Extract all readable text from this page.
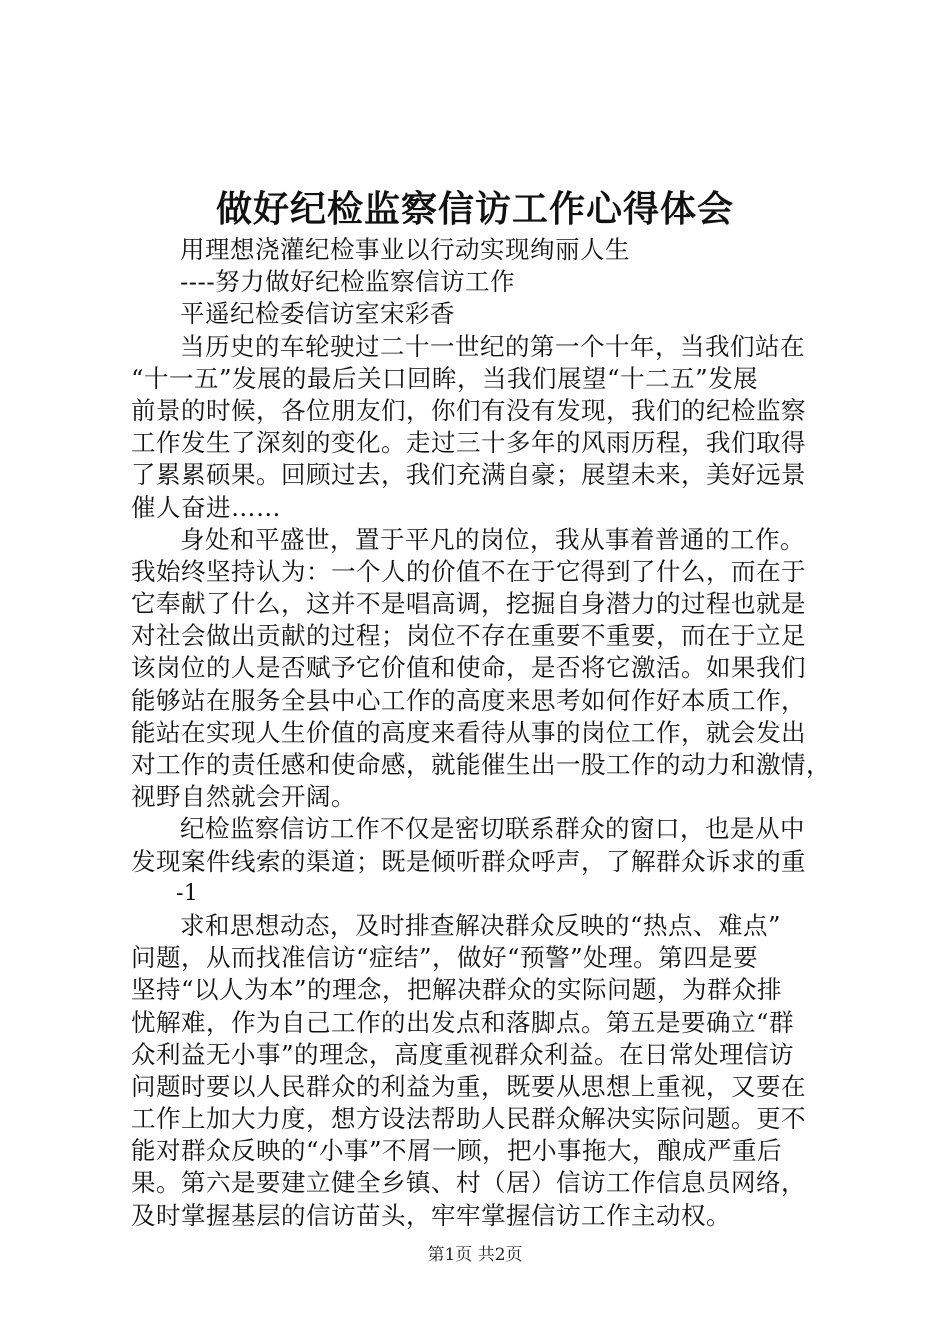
做好纪检监察信访工作心得体会
用理想浇灌纪检事业以行动实现绚丽人生
----努力做好纪检监察信访工作
平遥纪检委信访室宋彩香
当历史的车轮驶过二十一世纪的第一个十年，当我们站在
“十一五”发展的最后关口回眸，当我们展望“十二五”发展
前景的时候，各位朋友们，你们有没有发现，我们的纪检监察
工作发生了深刻的变化。走过三十多年的风雨历程，我们取得
了累累硕果。回顾过去，我们充满自豪；展望未来，美好远景
催人奋进……
身处和平盛世，置于平凡的岗位，我从事着普通的工作。
我始终坚持认为：一个人的价值不在于它得到了什么，而在于
它奉献了什么，这并不是唱高调，挖掘自身潜力的过程也就是
对社会做出贡献的过程；岗位不存在重要不重要，而在于立足
该岗位的人是否赋予它价值和使命，是否将它激活。如果我们
能够站在服务全县中心工作的高度来思考如何作好本质工作，
能站在实现人生价值的高度来看待从事的岗位工作，就会发出
对工作的责任感和使命感，就能催生出一股工作的动力和激情，
视野自然就会开阔。
纪检监察信访工作不仅是密切联系群众的窗口，也是从中
发现案件线索的渠道；既是倾听群众呼声，了解群众诉求的重
-1
求和思想动态，及时排查解决群众反映的“热点、难点”
问题，从而找准信访“症结”，做好“预警”处理。第四是要
坚持“以人为本”的理念，把解决群众的实际问题，为群众排
忧解难，作为自己工作的出发点和落脚点。第五是要确立“群
众利益无小事”的理念，高度重视群众利益。在日常处理信访
问题时要以人民群众的利益为重，既要从思想上重视，又要在
工作上加大力度，想方设法帮助人民群众解决实际问题。更不
能对群众反映的“小事”不屑一顾，把小事拖大，酿成严重后
果。第六是要建立健全乡镇、村（居）信访工作信息员网络，
及时掌握基层的信访苗头，牢牢掌握信访工作主动权。
第1页 共2页
